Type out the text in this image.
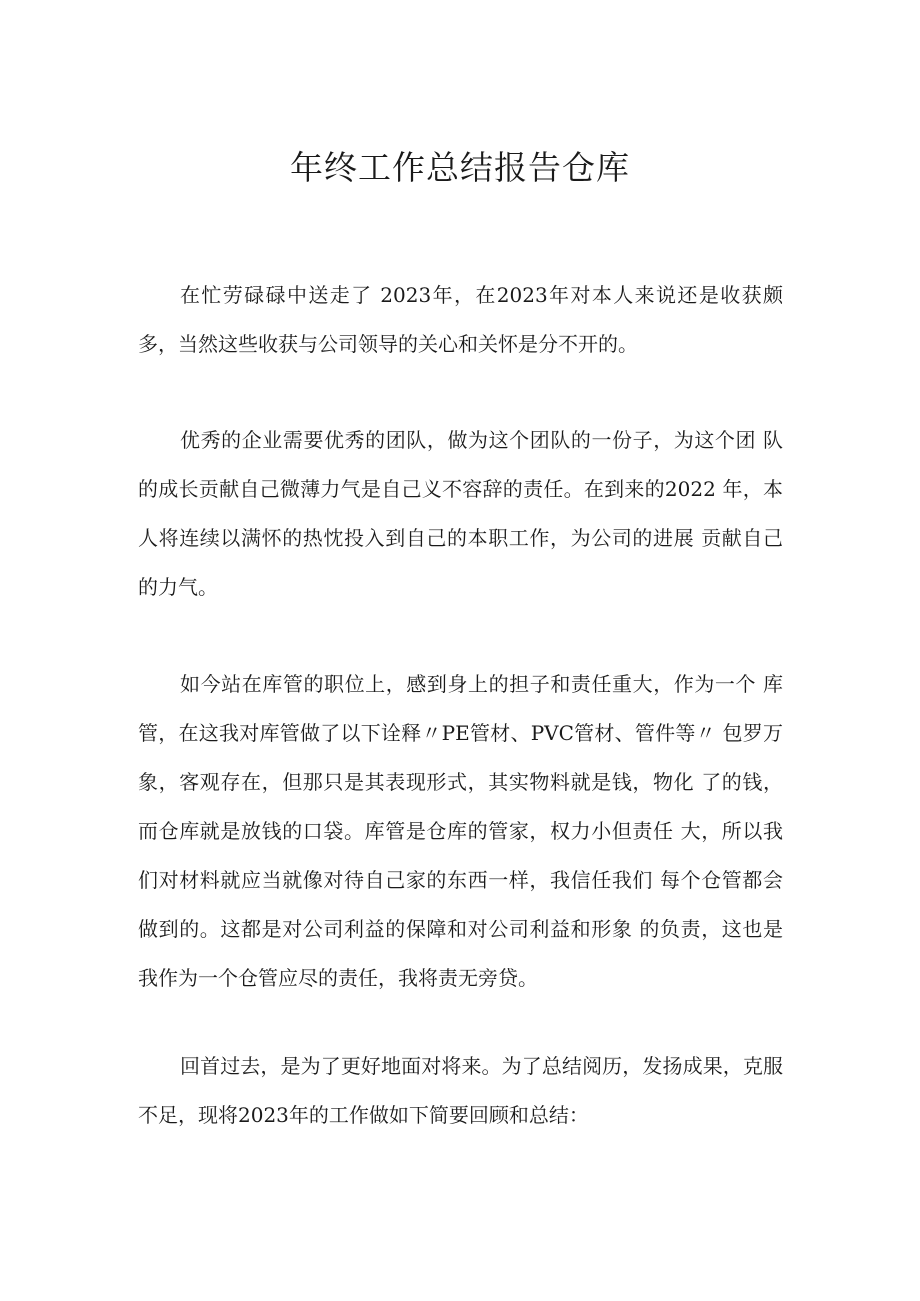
年终工作总结报告仓库

在忙劳碌碌中送走了 2023年，在2023年对本人来说还是收获颇 多，当然这些收获与公司领导的关心和关怀是分不开的。

优秀的企业需要优秀的团队，做为这个团队的一份子，为这个团 队的成长贡献自己微薄力气是自己义不容辞的责任。在到来的2022 年，本人将连续以满怀的热忱投入到自己的本职工作，为公司的进展 贡献自己的力气。

如今站在库管的职位上，感到身上的担子和责任重大，作为一个 库管，在这我对库管做了以下诠释〃PE管材、PVC管材、管件等〃 包罗万象，客观存在，但那只是其表现形式，其实物料就是钱，物化 了的钱，而仓库就是放钱的口袋。库管是仓库的管家，权力小但责任 大，所以我们对材料就应当就像对待自己家的东西一样，我信任我们 每个仓管都会做到的。这都是对公司利益的保障和对公司利益和形象 的负责，这也是我作为一个仓管应尽的责任，我将责无旁贷。

回首过去，是为了更好地面对将来。为了总结阅历，发扬成果，克服不足，现将2023年的工作做如下简要回顾和总结：
